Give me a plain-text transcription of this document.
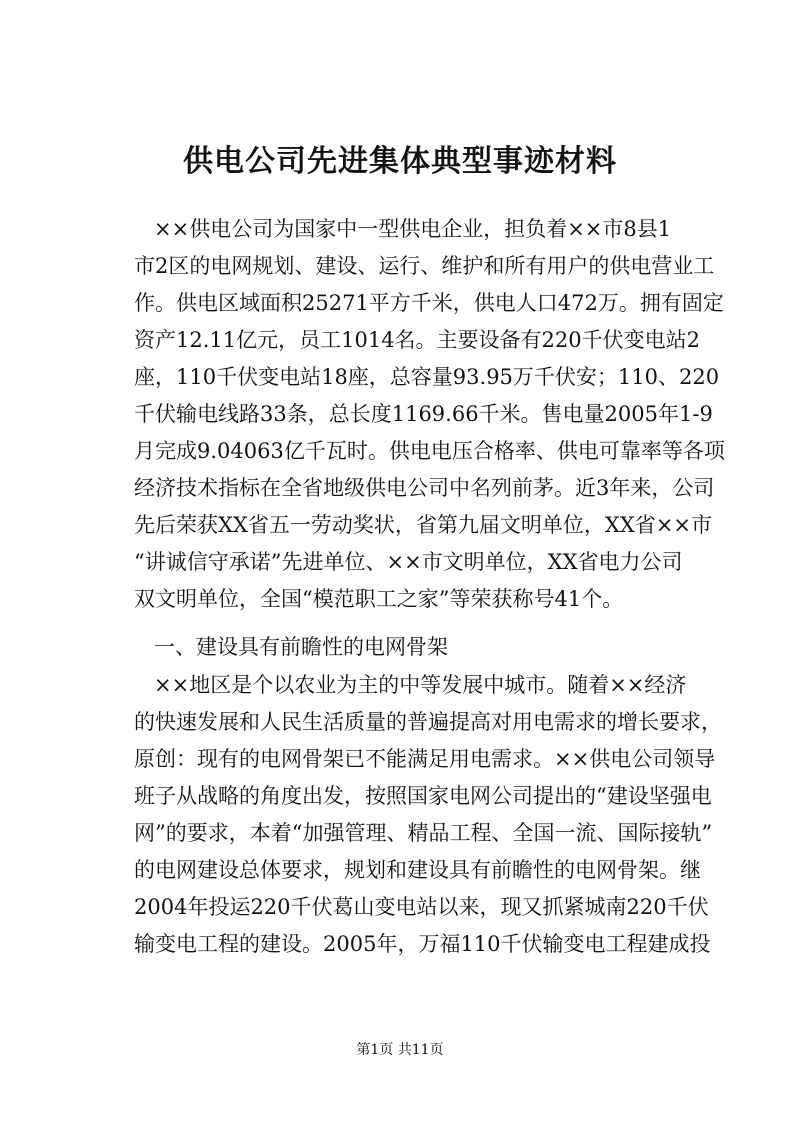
供电公司先进集体典型事迹材料
××供电公司为国家中一型供电企业，担负着××市8县1
市2区的电网规划、建设、运行、维护和所有用户的供电营业工
作。供电区域面积25271平方千米，供电人口472万。拥有固定
资产12.11亿元，员工1014名。主要设备有220千伏变电站2
座，110千伏变电站18座，总容量93.95万千伏安；110、220
千伏输电线路33条，总长度1169.66千米。售电量2005年1-9
月完成9.04063亿千瓦时。供电电压合格率、供电可靠率等各项
经济技术指标在全省地级供电公司中名列前茅。近3年来，公司
先后荣获XX省五一劳动奖状，省第九届文明单位，XX省××市
“讲诚信守承诺”先进单位、××市文明单位，XX省电力公司
双文明单位，全国“模范职工之家”等荣获称号41个。
一、建设具有前瞻性的电网骨架
××地区是个以农业为主的中等发展中城市。随着××经济
的快速发展和人民生活质量的普遍提高对用电需求的增长要求，
原创：现有的电网骨架已不能满足用电需求。××供电公司领导
班子从战略的角度出发，按照国家电网公司提出的“建设坚强电
网”的要求，本着“加强管理、精品工程、全国一流、国际接轨”
的电网建设总体要求，规划和建设具有前瞻性的电网骨架。继
2004年投运220千伏葛山变电站以来，现又抓紧城南220千伏
输变电工程的建设。2005年，万福110千伏输变电工程建成投
第1页 共11页
